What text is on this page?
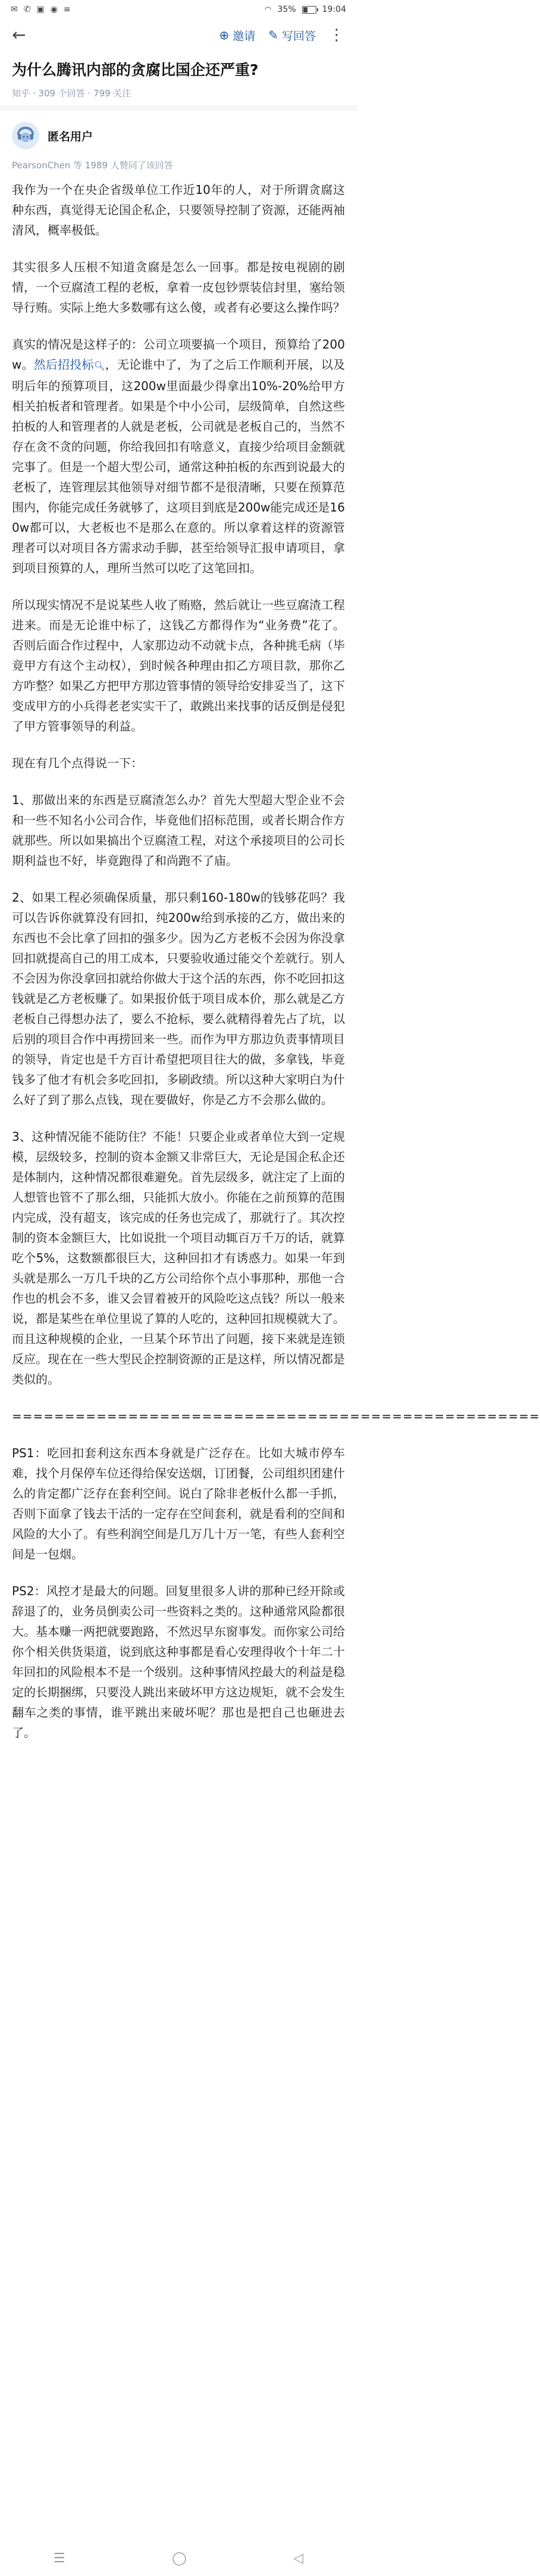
✉ ✆ ▣ ◉ ≡	◠ 35%	19:04
←	⊕ 邀请 ✎ 写回答 ⋮
为什么腾讯内部的贪腐比国企还严重?
知乎 · 309 个回答 · 799 关注
匿名用户
PearsonChen 等 1989 人赞同了该回答

我作为一个在央企省级单位工作近10年的人，对于所谓贪腐这种东西，真觉得无论国企私企，只要领导控制了资源，还能两袖清风，概率极低。

其实很多人压根不知道贪腐是怎么一回事。都是按电视剧的剧情，一个豆腐渣工程的老板，拿着一皮包钞票装信封里，塞给领导行贿。实际上绝大多数哪有这么傻，或者有必要这么操作吗？

真实的情况是这样子的：公司立项要搞一个项目，预算给了200w。然后招投标🔍︎，无论谁中了，为了之后工作顺利开展，以及明后年的预算项目，这200w里面最少得拿出10%-20%给甲方相关拍板者和管理者。如果是个中小公司，层级简单，自然这些拍板的人和管理者的人就是老板，公司就是老板自己的，当然不存在贪不贪的问题，你给我回扣有啥意义，直接少给项目金额就完事了。但是一个超大型公司，通常这种拍板的东西到说最大的老板了，连管理层其他领导对细节都不是很清晰，只要在预算范围内，你能完成任务就够了，这项目到底是200w能完成还是160w都可以，大老板也不是那么在意的。所以拿着这样的资源管理者可以对项目各方需求动手脚，甚至给领导汇报申请项目，拿到项目预算的人，理所当然可以吃了这笔回扣。

所以现实情况不是说某些人收了贿赂，然后就让一些豆腐渣工程进来。而是无论谁中标了，这钱乙方都得作为“业务费”花了。否则后面合作过程中，人家那边动不动就卡点，各种挑毛病（毕竟甲方有这个主动权），到时候各种理由扣乙方项目款，那你乙方咋整？如果乙方把甲方那边管事情的领导给安排妥当了，这下变成甲方的小兵得老老实实干了，敢跳出来找事的话反倒是侵犯了甲方管事领导的利益。

现在有几个点得说一下：

1、那做出来的东西是豆腐渣怎么办？首先大型超大型企业不会和一些不知名小公司合作，毕竟他们招标范围，或者长期合作方就那些。所以如果搞出个豆腐渣工程，对这个承接项目的公司长期利益也不好，毕竟跑得了和尚跑不了庙。

2、如果工程必须确保质量，那只剩160-180w的钱够花吗？我可以告诉你就算没有回扣，纯200w给到承接的乙方，做出来的东西也不会比拿了回扣的强多少。因为乙方老板不会因为你没拿回扣就提高自己的用工成本，只要验收通过能交个差就行。别人不会因为你没拿回扣就给你做大于这个活的东西，你不吃回扣这钱就是乙方老板赚了。如果报价低于项目成本价，那么就是乙方老板自己得想办法了，要么不抢标，要么就精得着先占了坑，以后别的项目合作中再捞回来一些。而作为甲方那边负责事情项目的领导，肯定也是千方百计希望把项目往大的做，多拿钱，毕竟钱多了他才有机会多吃回扣，多刷政绩。所以这种大家明白为什么好了到了那么点钱，现在要做好，你是乙方不会那么做的。

3、这种情况能不能防住？不能！只要企业或者单位大到一定规模，层级较多，控制的资本金额又非常巨大，无论是国企私企还是体制内，这种情况都很难避免。首先层级多，就注定了上面的人想管也管不了那么细，只能抓大放小。你能在之前预算的范围内完成，没有超支，该完成的任务也完成了，那就行了。其次控制的资本金额巨大，比如说批一个项目动辄百万千万的话，就算吃个5%，这数额都很巨大，这种回扣才有诱惑力。如果一年到头就是那么一万几千块的乙方公司给你个点小事那种，那他一合作也的机会不多，谁又会冒着被开的风险吃这点钱？所以一般来说，都是某些在单位里说了算的人吃的，这种回扣规模就大了。而且这种规模的企业，一旦某个环节出了问题，接下来就是连锁反应。现在在一些大型民企控制资源的正是这样，所以情况都是类似的。

==================================================

PS1：吃回扣套利这东西本身就是广泛存在。比如大城市停车难，找个月保停车位还得给保安送烟，订团餐，公司组织团建什么的肯定都广泛存在套利空间。说白了除非老板什么都一手抓，否则下面拿了钱去干活的一定存在空间套利，就是看利的空间和风险的大小了。有些利润空间是几万几十万一笔，有些人套利空间是一包烟。

PS2：风控才是最大的问题。回复里很多人讲的那种已经开除或辞退了的，业务员倒卖公司一些资料之类的。这种通常风险都很大。基本赚一两把就要跑路，不然迟早东窗事发。而你家公司给你个相关供货渠道，说到底这种事都是看心安理得收个十年二十年回扣的风险根本不是一个级别。这种事情风控最大的利益是稳定的长期捆绑，只要没人跳出来破坏甲方这边规矩，就不会发生翻车之类的事情，谁平跳出来破坏呢？那也是把自己也砸进去了。

☰	◯	◁
